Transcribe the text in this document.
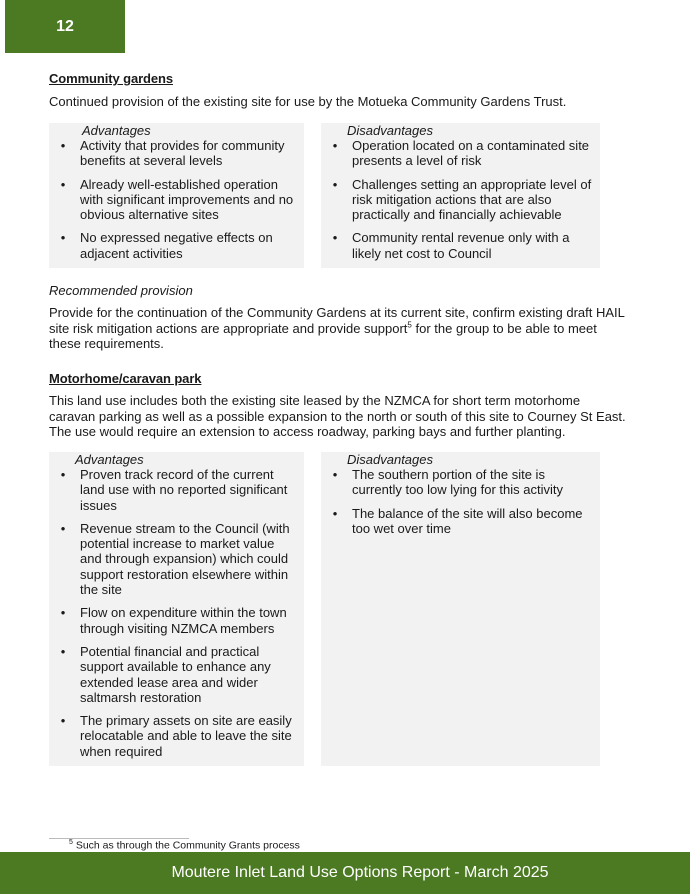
12
Community gardens
Continued provision of the existing site for use by the Motueka Community Gardens Trust.
Advantages
• Activity that provides for community benefits at several levels
• Already well-established operation with significant improvements and no obvious alternative sites
• No expressed negative effects on adjacent activities
Disadvantages
• Operation located on a contaminated site presents a level of risk
• Challenges setting an appropriate level of risk mitigation actions that are also practically and financially achievable
• Community rental revenue only with a likely net cost to Council
Recommended provision
Provide for the continuation of the Community Gardens at its current site, confirm existing draft HAIL site risk mitigation actions are appropriate and provide support$^5$ for the group to be able to meet these requirements.
Motorhome/caravan park
This land use includes both the existing site leased by the NZMCA for short term motorhome caravan parking as well as a possible expansion to the north or south of this site to Courney St East. The use would require an extension to access roadway, parking bays and further planting.
Advantages
• Proven track record of the current land use with no reported significant issues
• Revenue stream to the Council (with potential increase to market value and through expansion) which could support restoration elsewhere within the site
• Flow on expenditure within the town through visiting NZMCA members
• Potential financial and practical support available to enhance any extended lease area and wider saltmarsh restoration
• The primary assets on site are easily relocatable and able to leave the site when required
Disadvantages
• The southern portion of the site is currently too low lying for this activity
• The balance of the site will also become too wet over time
$^5$ Such as through the Community Grants process
Moutere Inlet Land Use Options Report - March 2025
